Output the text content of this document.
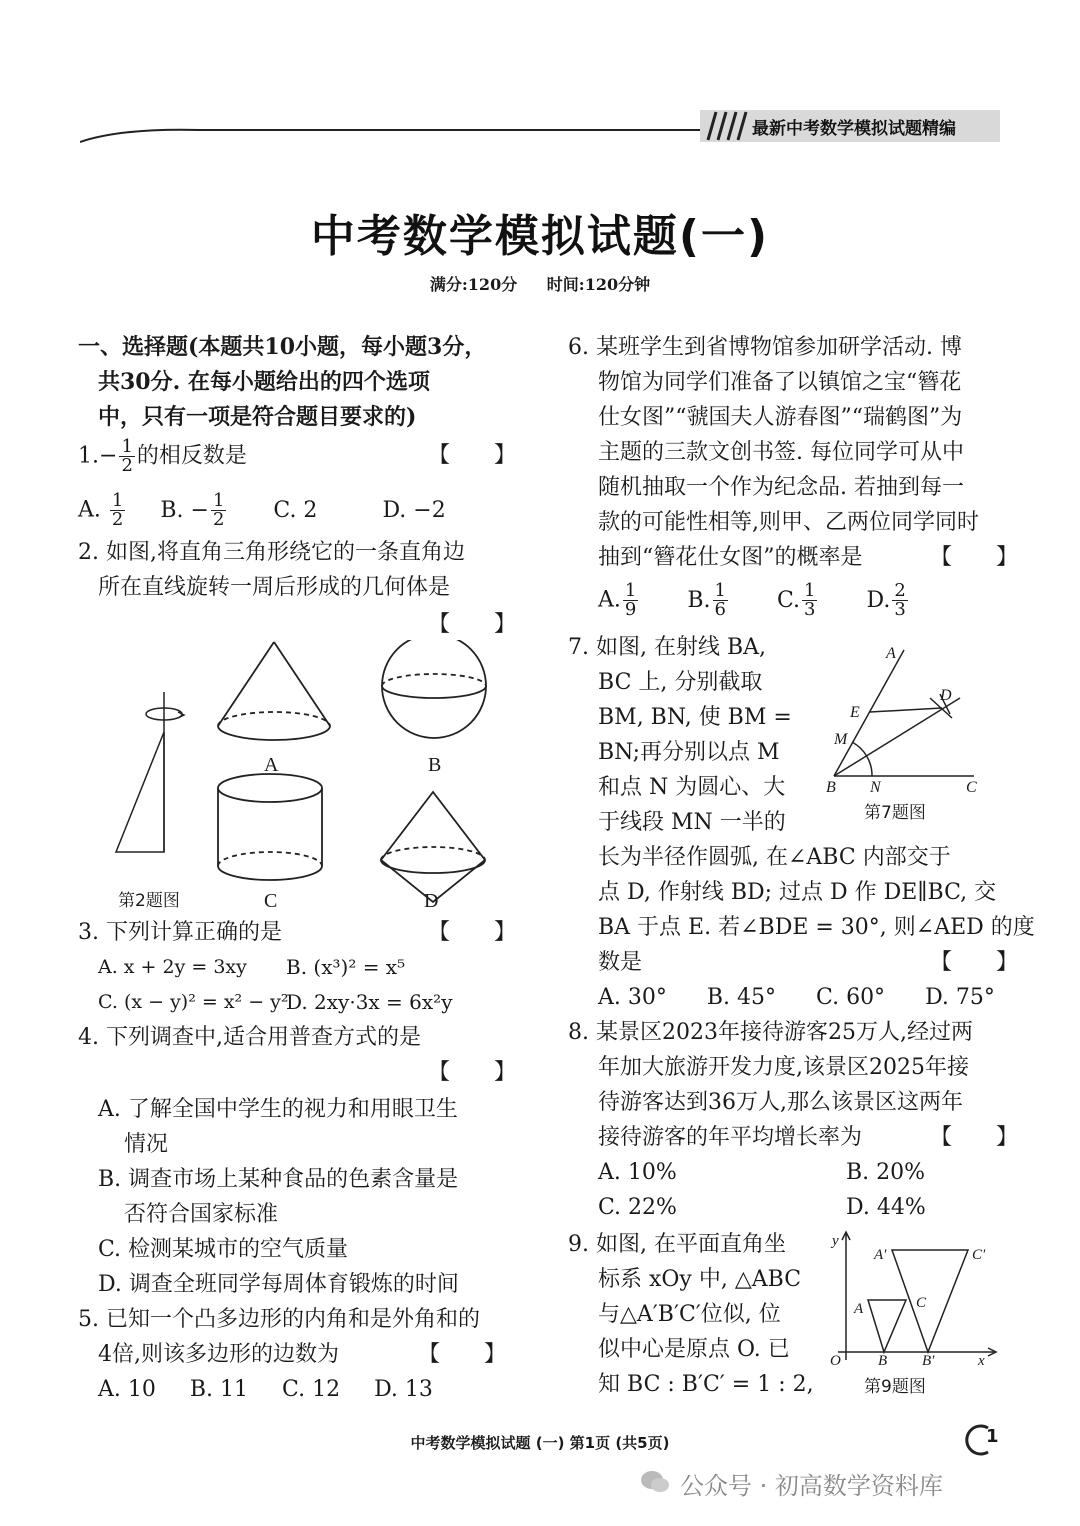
最新中考数学模拟试题精编
中考数学模拟试题(一)
满分:120分 时间:120分钟
一、选择题(本题共10小题，每小题3分，
共30分. 在每小题给出的四个选项
中，只有一项是符合题目要求的)
$1.- \frac{1}{2}$ 的相反数是	【　　】
A. $\frac{1}{2} B$. − $\frac{1}{2} C$. 2	D. −2
2. 如图,将直角三角形绕它的一条直角边
所在直线旋转一周后形成的几何体是
【　　】
A	B
第2题图	C	D
3. 下列计算正确的是	【　　】
A. x + 2y = 3xy B. (x³)² = x⁵
C. (x − y)² = x² − y²
D. 2xy·3x = 6x²y
4. 下列调查中,适合用普查方式的是
【　　】
A. 了解全国中学生的视力和用眼卫生
情况
B. 调查市场上某种食品的色素含量是
否符合国家标准
C. 检测某城市的空气质量
D. 调查全班同学每周体育锻炼的时间
5. 已知一个凸多边形的内角和是外角和的
4倍,则该多边形的边数为	【　　】
A. 10 B. 11 C. 12 D. 13
6. 某班学生到省博物馆参加研学活动. 博
物馆为同学们准备了以镇馆之宝“簪花
仕女图”“虢国夫人游春图”“瑞鹤图”为
主题的三款文创书签. 每位同学可从中
随机抽取一个作为纪念品. 若抽到每一
款的可能性相等,则甲、乙两位同学同时
抽到“簪花仕女图”的概率是	【　　】
A. $\frac{1}{9} B$. $\frac{1}{6} C$. $\frac{1}{3} D$. $\frac{2}{3}$
7. 如图, 在射线 BA,
BC 上, 分别截取
BM, BN, 使 BM =
BN;再分别以点 M
和点 N 为圆心、大
于线段 MN 一半的
A
D
E
M
B N	C
第7题图
长为半径作圆弧, 在∠ABC 内部交于
点 D, 作射线 BD; 过点 D 作 DE∥BC, 交
BA 于点 E. 若∠BDE = 30°, 则∠AED 的度
数是	【　　】
A. 30° B. 45° C. 60° D. 75°
8. 某景区2023年接待游客25万人,经过两
年加大旅游开发力度,该景区2025年接
待游客达到36万人,那么该景区这两年
接待游客的年平均增长率为	【　　】
A. 10%	B. 20%
C. 22%	D. 44%
9. 如图, 在平面直角坐
标系 xOy 中, △ABC
与△A′B′C′位似, 位
似中心是原点 O. 已
知 BC : B′C′ = 1 : 2,
y
A′	C′
C
A
O B B′	x
第9题图
中考数学模拟试题 (一) 第1页 (共5页)	1
公众号 · 初高数学资料库
